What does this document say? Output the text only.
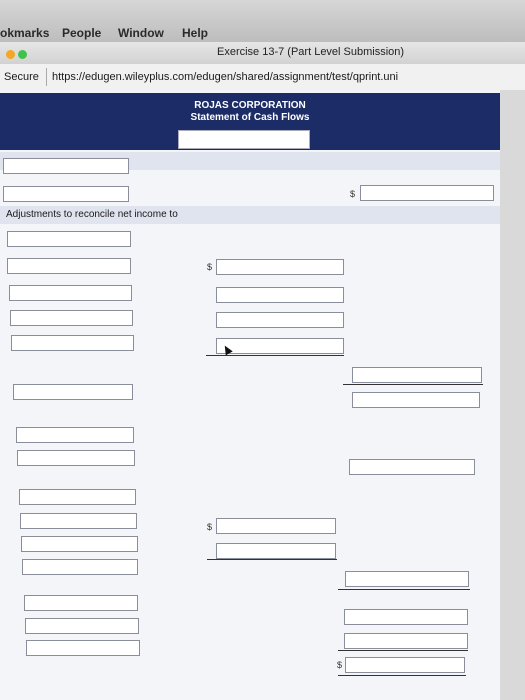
okmarks People Window Help
Exercise 13-7 (Part Level Submission)
Secure https://edugen.wileyplus.com/edugen/shared/assignment/test/qprint.uni
ROJAS CORPORATION
Statement of Cash Flows
$
Adjustments to reconcile net income to
$
$
$
